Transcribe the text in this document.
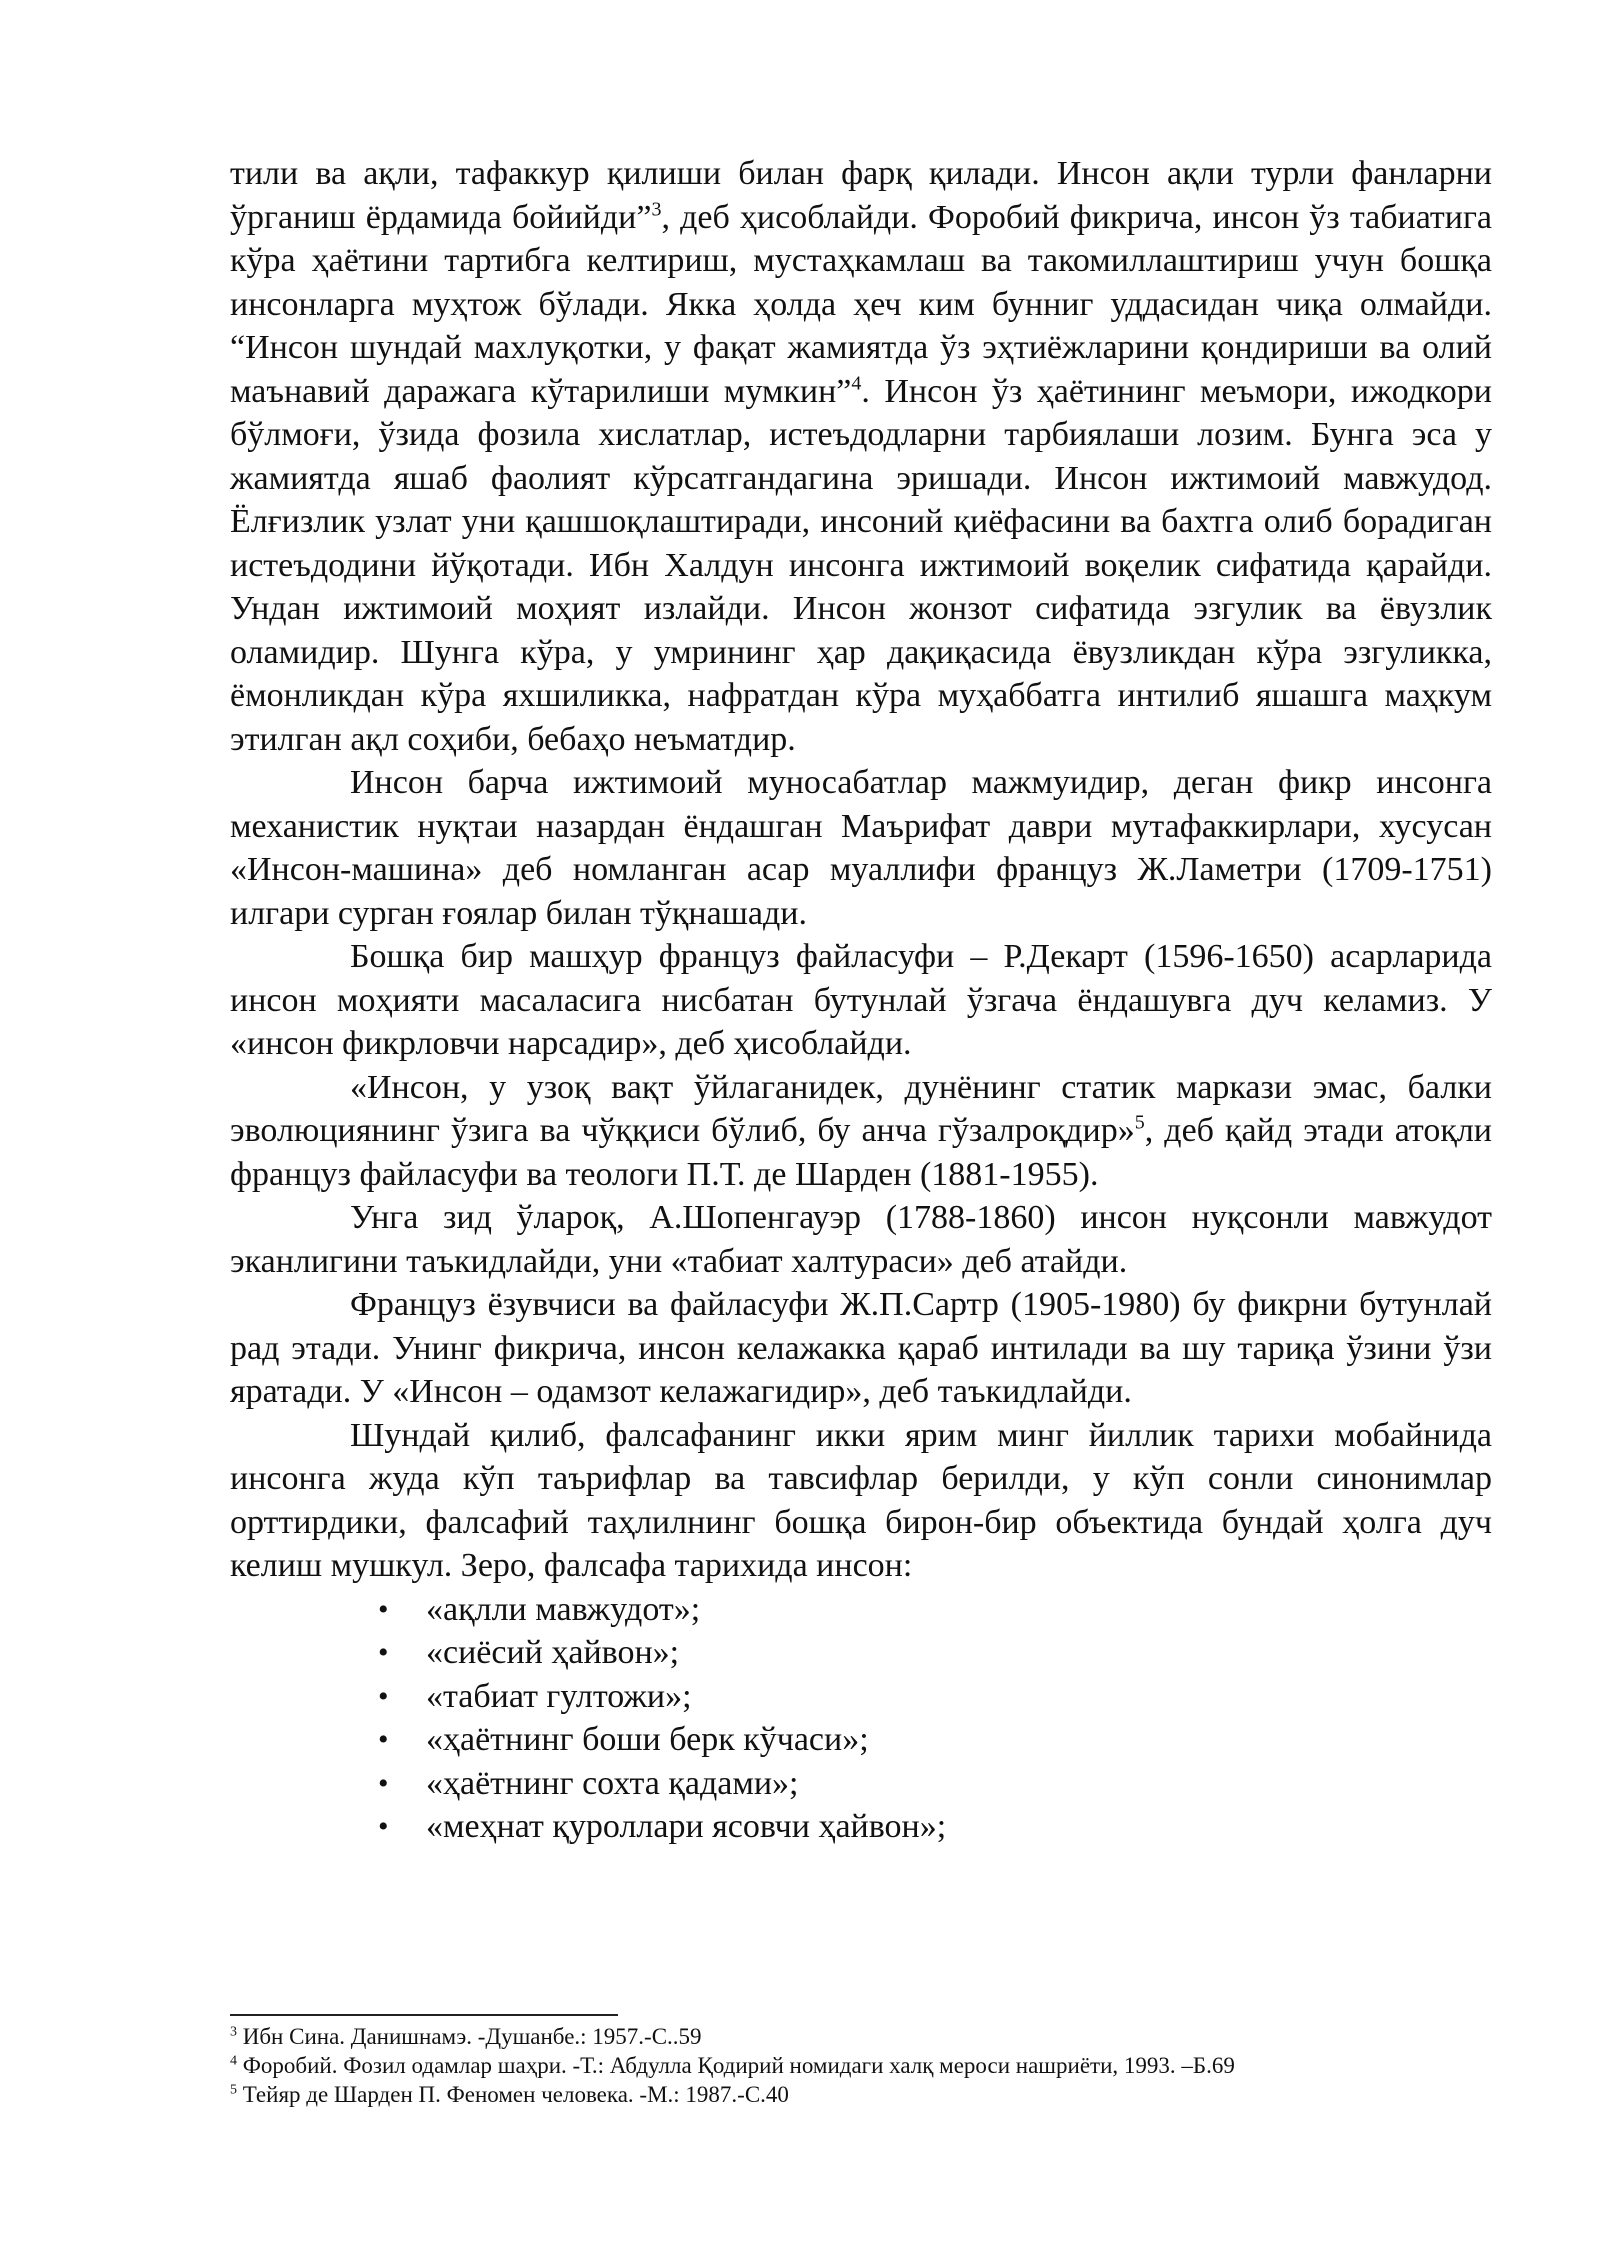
тили ва ақли, тафаккур қилиши билан фарқ қилади. Инсон ақли турли фанларни ўрганиш ёрдамида бойийди”$^3$, деб ҳисоблайди. Форобий фикрича, инсон ўз табиатига кўра ҳаётини тартибга келтириш, мустаҳкамлаш ва такомиллаштириш учун бошқа инсонларга муҳтож бўлади. Якка ҳолда ҳеч ким бунниг уддасидан чиқа олмайди. “Инсон шундай махлуқотки, у фақат жамиятда ўз эҳтиёжларини қондириши ва олий маънавий даражага кўтарилиши мумкин”$^4$. Инсон ўз ҳаётининг меъмори, ижодкори бўлмоғи, ўзида фозила хислатлар, истеъдодларни тарбиялаши лозим. Бунга эса у жамиятда яшаб фаолият кўрсатгандагина эришади. Инсон ижтимоий мавжудод. Ёлғизлик узлат уни қашшоқлаштиради, инсоний қиёфасини ва бахтга олиб борадиган истеъдодини йўқотади. Ибн Халдун инсонга ижтимоий воқелик сифатида қарайди. Ундан ижтимоий моҳият излайди. Инсон жонзот сифатида эзгулик ва ёвузлик оламидир. Шунга кўра, у умрининг ҳар дақиқасида ёвузликдан кўра эзгуликка, ёмонликдан кўра яхшиликка, нафратдан кўра муҳаббатга интилиб яшашга маҳкум этилган ақл соҳиби, бебаҳо неъматдир.

Инсон барча ижтимоий муносабатлар мажмуидир, деган фикр инсонга механистик нуқтаи назардан ёндашган Маърифат даври мутафаккирлари, хусусан «Инсон-машина» деб номланган асар муаллифи француз Ж.Ламетри (1709-1751) илгари сурган ғоялар билан тўқнашади.

Бошқа бир машҳур француз файласуфи – Р.Декарт (1596-1650) асарларида инсон моҳияти масаласига нисбатан бутунлай ўзгача ёндашувга дуч келамиз. У «инсон фикрловчи нарсадир», деб ҳисоблайди.

«Инсон, у узоқ вақт ўйлаганидек, дунёнинг статик маркази эмас, балки эволюциянинг ўзига ва чўққиси бўлиб, бу анча гўзалроқдир»$^5$, деб қайд этади атоқли француз файласуфи ва теологи П.Т. де Шарден (1881-1955).

Унга зид ўлароқ, А.Шопенгауэр (1788-1860) инсон нуқсонли мавжудот эканлигини таъкидлайди, уни «табиат халтураси» деб атайди.

Француз ёзувчиси ва файласуфи Ж.П.Сартр (1905-1980) бу фикрни бутунлай рад этади. Унинг фикрича, инсон келажакка қараб интилади ва шу тариқа ўзини ўзи яратади. У «Инсон – одамзот келажагидир», деб таъкидлайди.

Шундай қилиб, фалсафанинг икки ярим минг йиллик тарихи мобайнида инсонга жуда кўп таърифлар ва тавсифлар берилди, у кўп сонли синонимлар орттирдики, фалсафий таҳлилнинг бошқа бирон-бир объектида бундай ҳолга дуч келиш мушкул. Зеро, фалсафа тарихида инсон:

• «ақлли мавжудот»;
• «сиёсий ҳайвон»;
• «табиат гултожи»;
• «ҳаётнинг боши берк кўчаси»;
• «ҳаётнинг сохта қадами»;
• «меҳнат қуроллари ясовчи ҳайвон»;
$^3$ Ибн Сина. Данишнамэ. -Душанбе.: 1957.-С..59
$^4$ Форобий. Фозил одамлар шаҳри. -Т.: Абдулла Қодирий номидаги халқ мероси нашриёти, 1993. –Б.69
$^5$ Тейяр де Шарден П. Феномен человека. -М.: 1987.-С.40
